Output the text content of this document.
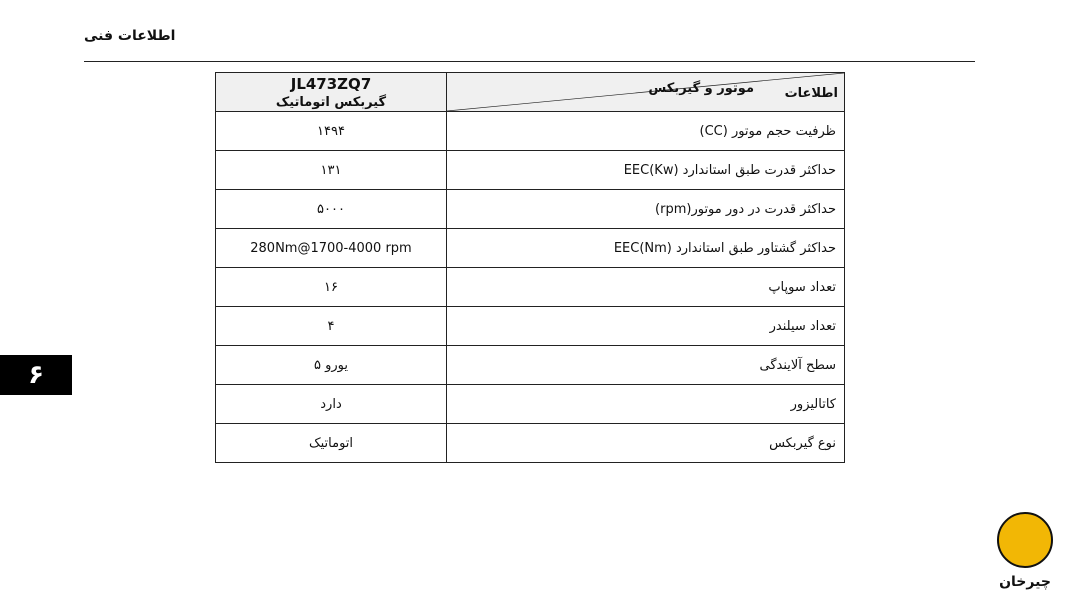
اطلاعات فنی
۶
JL473ZQ7
گیربکس اتوماتیک	موتور و گیربکس اطلاعات

۱۴۹۴	ظرفیت حجم موتور (CC)
۱۳۱	حداکثر قدرت طبق استاندارد EEC(Kw)
۵۰۰۰	حداکثر قدرت در دور موتور(rpm)
280Nm@1700-4000 rpm	حداکثر گشتاور طبق استاندارد EEC(Nm)
۱۶	تعداد سوپاپ
۴	تعداد سیلندر
یورو ۵	سطح آلایندگی
دارد	کاتالیزور
اتوماتیک	نوع گیربکس
چیرخان
